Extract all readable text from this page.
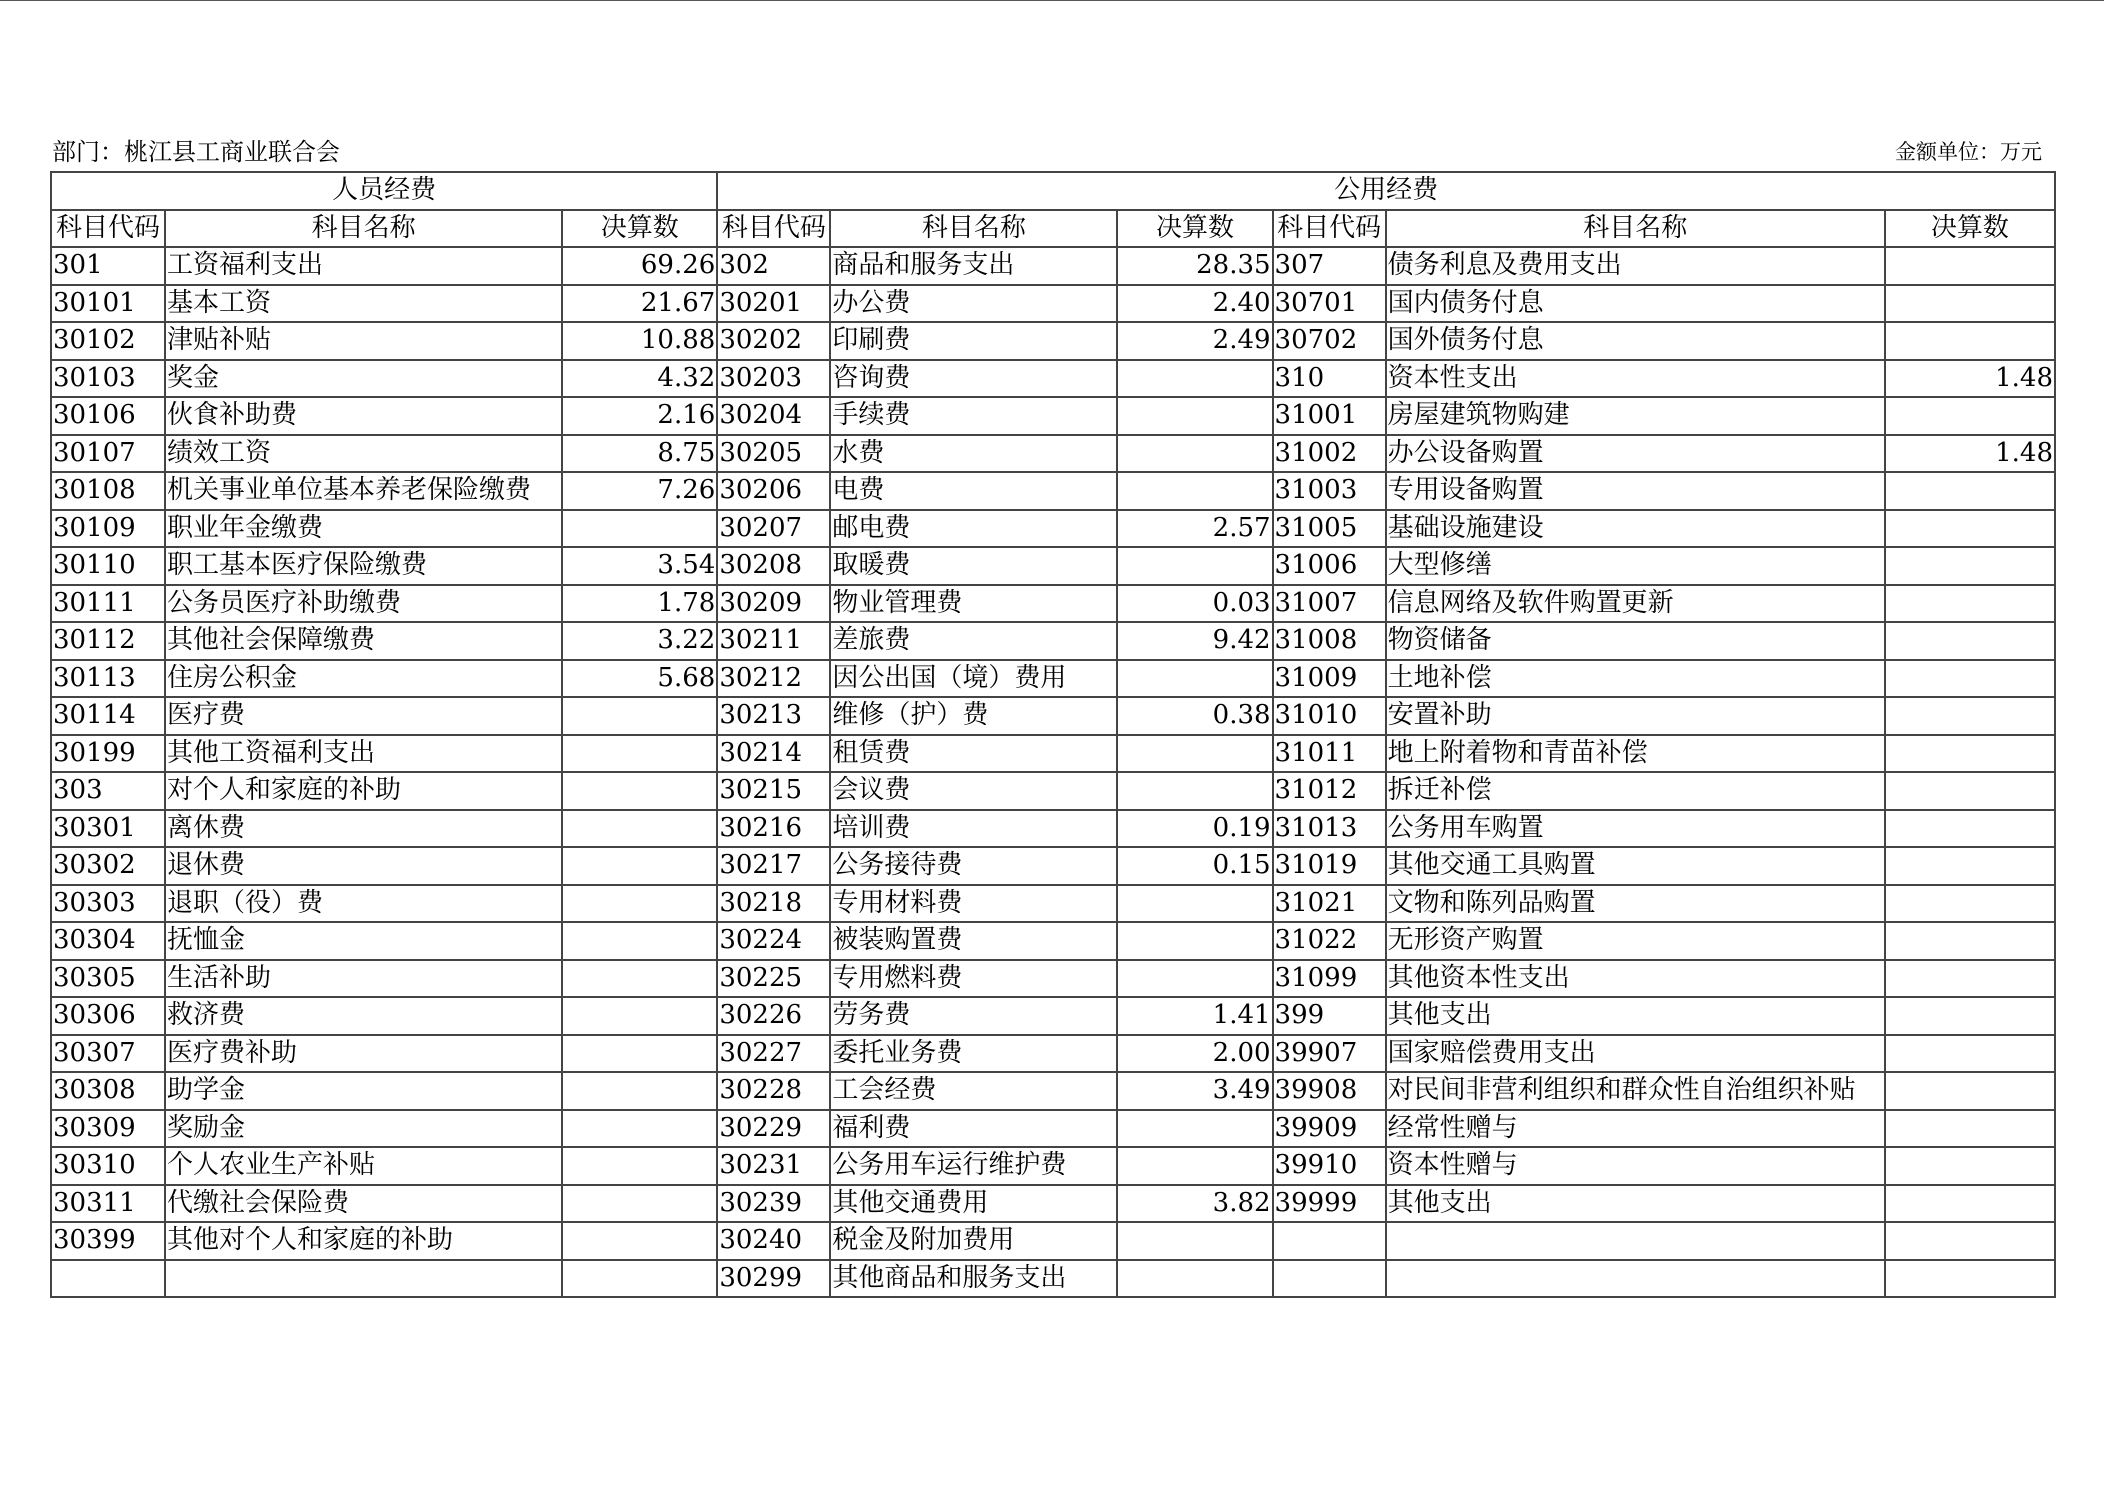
部门：桃江县工商业联合会	金额单位：万元
人员经费			公用经费					
科目代码	科目名称	决算数	科目代码	科目名称	决算数	科目代码	科目名称	决算数
301	工资福利支出	69.26	302	商品和服务支出	28.35	307	债务利息及费用支出	
30101	基本工资	21.67	30201	办公费	2.40	30701	国内债务付息	
30102	津贴补贴	10.88	30202	印刷费	2.49	30702	国外债务付息	
30103	奖金	4.32	30203	咨询费		310	资本性支出	1.48
30106	伙食补助费	2.16	30204	手续费		31001	房屋建筑物购建	
30107	绩效工资	8.75	30205	水费		31002	办公设备购置	1.48
30108	机关事业单位基本养老保险缴费	7.26	30206	电费		31003	专用设备购置	
30109	职业年金缴费		30207	邮电费	2.57	31005	基础设施建设	
30110	职工基本医疗保险缴费	3.54	30208	取暖费		31006	大型修缮	
30111	公务员医疗补助缴费	1.78	30209	物业管理费	0.03	31007	信息网络及软件购置更新	
30112	其他社会保障缴费	3.22	30211	差旅费	9.42	31008	物资储备	
30113	住房公积金	5.68	30212	因公出国（境）费用		31009	土地补偿	
30114	医疗费		30213	维修（护）费	0.38	31010	安置补助	
30199	其他工资福利支出		30214	租赁费		31011	地上附着物和青苗补偿	
303	对个人和家庭的补助		30215	会议费		31012	拆迁补偿	
30301	离休费		30216	培训费	0.19	31013	公务用车购置	
30302	退休费		30217	公务接待费	0.15	31019	其他交通工具购置	
30303	退职（役）费		30218	专用材料费		31021	文物和陈列品购置	
30304	抚恤金		30224	被装购置费		31022	无形资产购置	
30305	生活补助		30225	专用燃料费		31099	其他资本性支出	
30306	救济费		30226	劳务费	1.41	399	其他支出	
30307	医疗费补助		30227	委托业务费	2.00	39907	国家赔偿费用支出	
30308	助学金		30228	工会经费	3.49	39908	对民间非营利组织和群众性自治组织补贴	
30309	奖励金		30229	福利费		39909	经常性赠与	
30310	个人农业生产补贴		30231	公务用车运行维护费		39910	资本性赠与	
30311	代缴社会保险费		30239	其他交通费用	3.82	39999	其他支出	
30399	其他对个人和家庭的补助		30240	税金及附加费用				
			30299	其他商品和服务支出				
